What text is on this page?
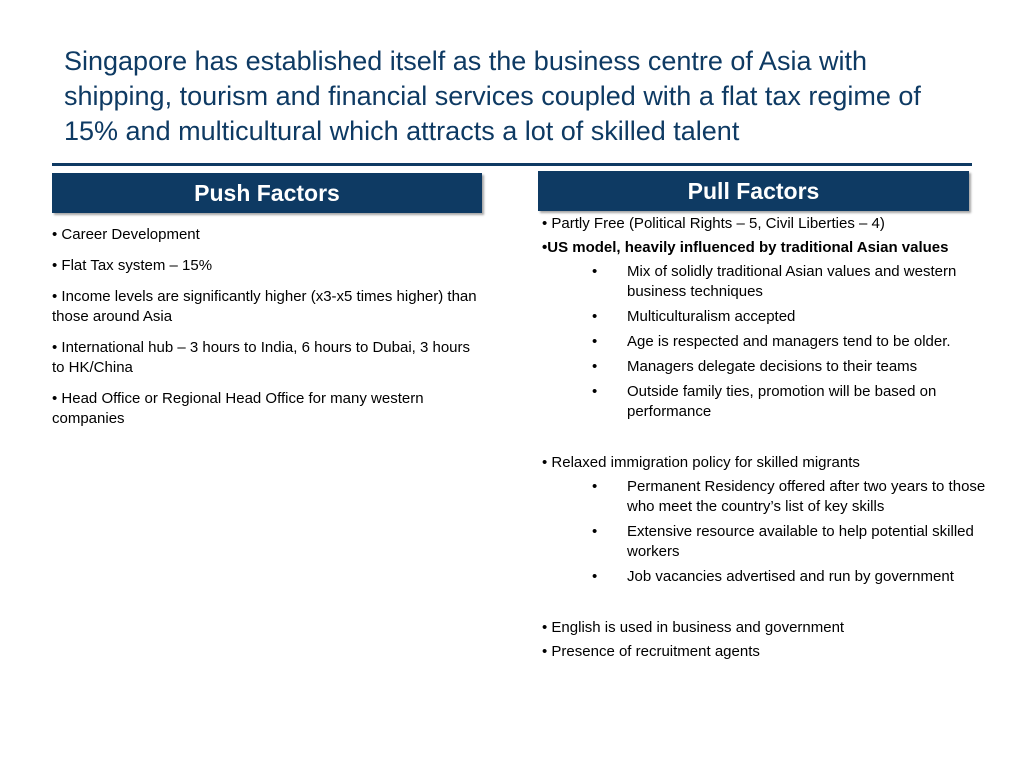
Singapore has established itself as the business centre of Asia with shipping, tourism and financial services coupled with a flat tax regime of 15% and multicultural which attracts a lot of skilled talent
Push Factors	Pull Factors
• Career Development
• Flat Tax system – 15%
• Income levels are significantly higher (x3-x5 times higher) than those around Asia
• International hub – 3 hours to India, 6 hours to Dubai, 3 hours to HK/China
• Head Office or Regional Head Office for many western companies
• Partly Free (Political Rights – 5, Civil Liberties – 4)
•US model, heavily influenced by traditional Asian values
• Mix of solidly traditional Asian values and western business techniques
• Multiculturalism accepted
• Age is respected and managers tend to be older.
• Managers delegate decisions to their teams
• Outside family ties, promotion will be based on performance
• Relaxed immigration policy for skilled migrants
• Permanent Residency offered after two years to those who meet the country’s list of key skills
• Extensive resource available to help potential skilled workers
• Job vacancies advertised and run by government
• English is used in business and government
• Presence of recruitment agents
